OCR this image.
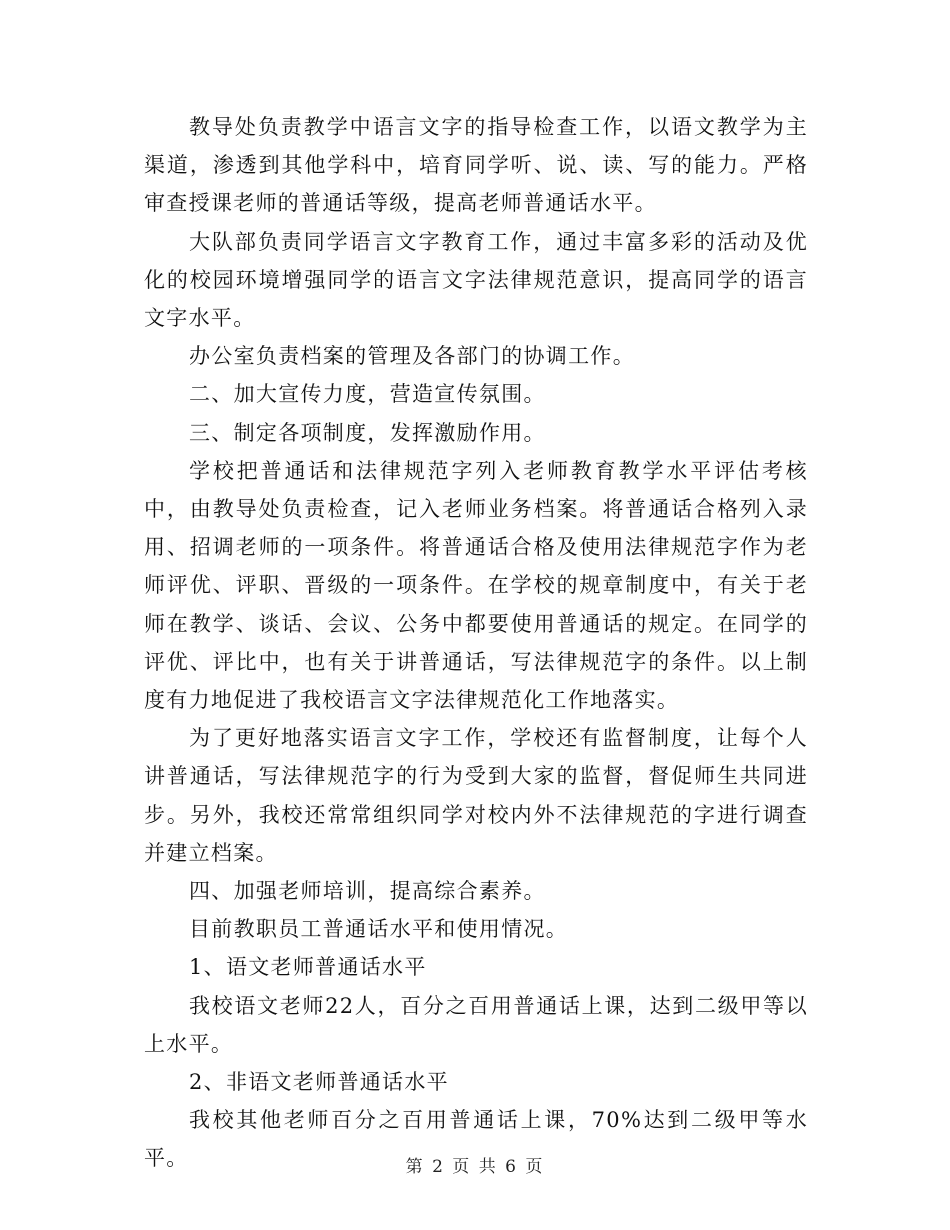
教导处负责教学中语言文字的指导检查工作，以语文教学为主渠道，渗透到其他学科中，培育同学听、说、读、写的能力。严格审查授课老师的普通话等级，提高老师普通话水平。

大队部负责同学语言文字教育工作，通过丰富多彩的活动及优化的校园环境增强同学的语言文字法律规范意识，提高同学的语言文字水平。

办公室负责档案的管理及各部门的协调工作。

二、加大宣传力度，营造宣传氛围。

三、制定各项制度，发挥激励作用。

学校把普通话和法律规范字列入老师教育教学水平评估考核中，由教导处负责检查，记入老师业务档案。将普通话合格列入录用、招调老师的一项条件。将普通话合格及使用法律规范字作为老师评优、评职、晋级的一项条件。在学校的规章制度中，有关于老师在教学、谈话、会议、公务中都要使用普通话的规定。在同学的评优、评比中，也有关于讲普通话，写法律规范字的条件。以上制度有力地促进了我校语言文字法律规范化工作地落实。

为了更好地落实语言文字工作，学校还有监督制度，让每个人讲普通话，写法律规范字的行为受到大家的监督，督促师生共同进步。另外，我校还常常组织同学对校内外不法律规范的字进行调查并建立档案。

四、加强老师培训，提高综合素养。

目前教职员工普通话水平和使用情况。

1、语文老师普通话水平

我校语文老师22人，百分之百用普通话上课，达到二级甲等以上水平。

2、非语文老师普通话水平

我校其他老师百分之百用普通话上课，70%达到二级甲等水平。	第 2 页 共 6 页
